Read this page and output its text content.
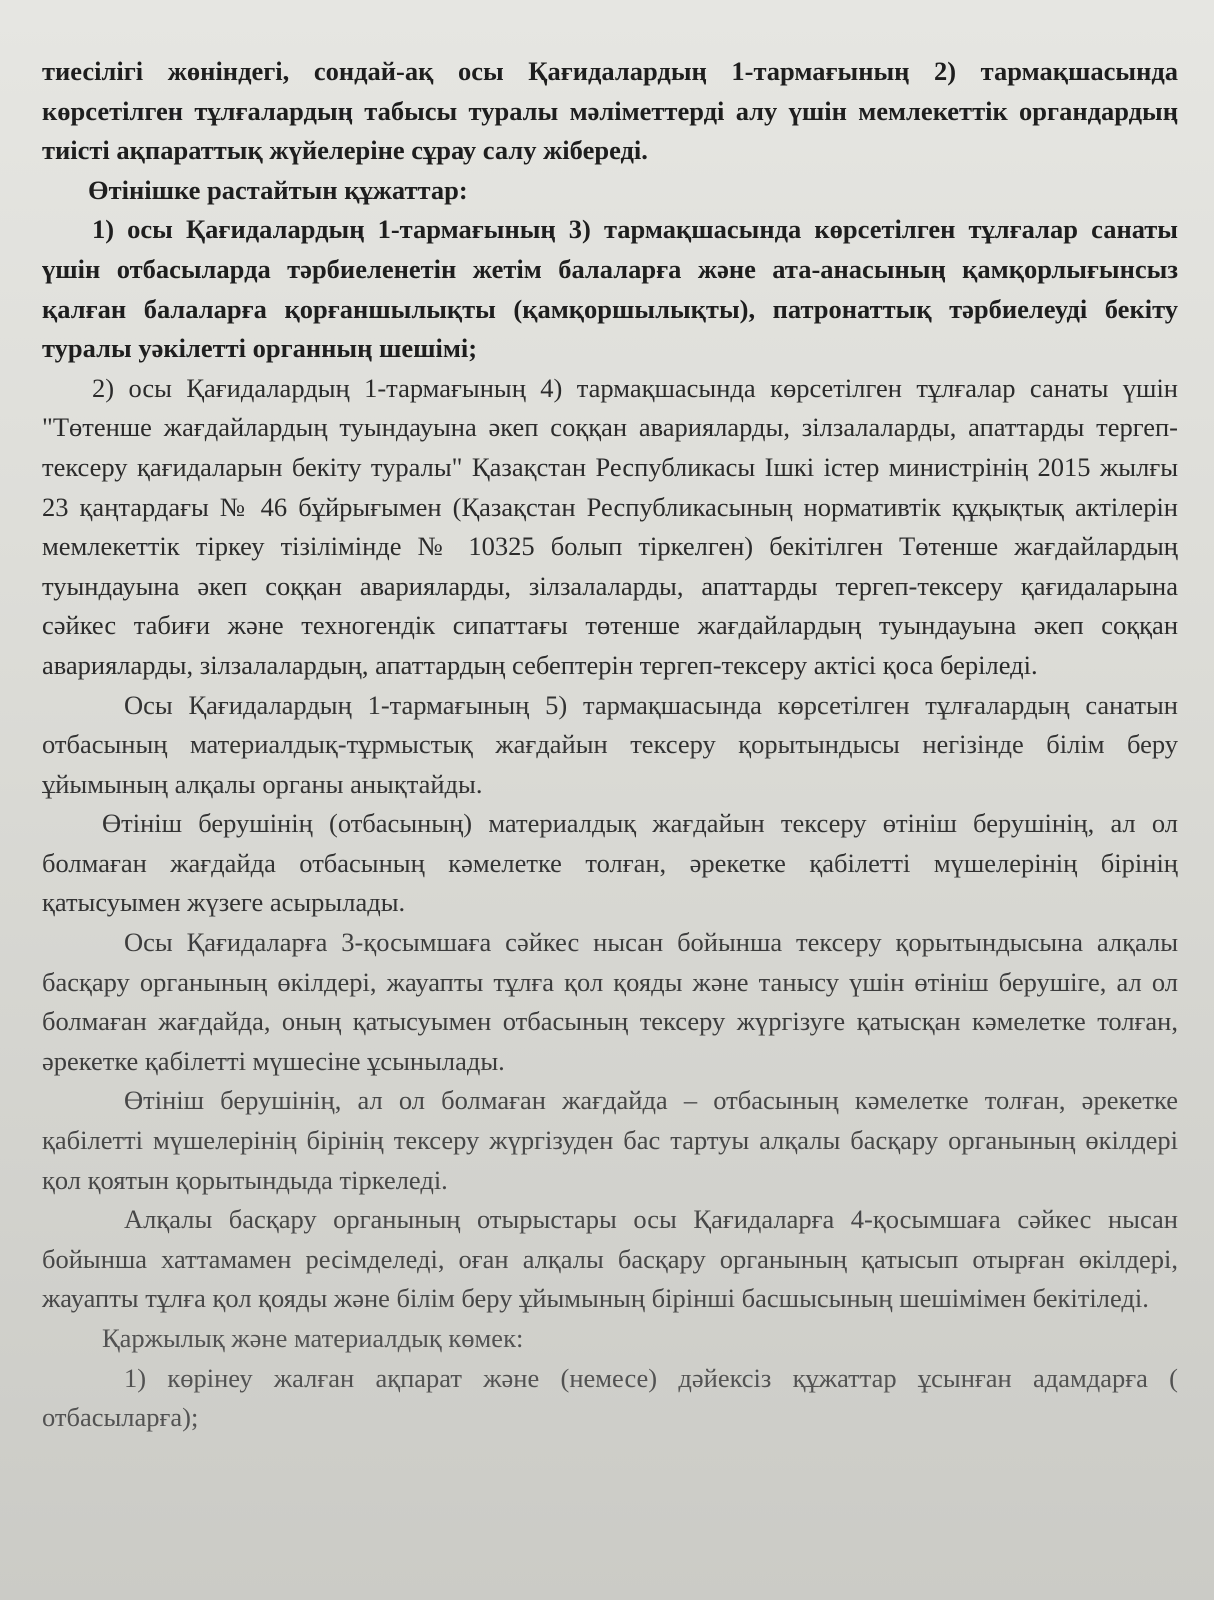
тиесілігі жөніндегі, сондай-ақ осы Қағидалардың 1-тармағының 2) тармақшасында көрсетілген тұлғалардың табысы туралы мәліметтерді алу үшін мемлекеттік органдардың тиісті ақпараттық жүйелеріне сұрау салу жібереді.

Өтінішке растайтын құжаттар:

1) осы Қағидалардың 1-тармағының 3) тармақшасында көрсетілген тұлғалар санаты үшін отбасыларда тәрбиеленетін жетім балаларға және ата-анасының қамқорлығынсыз қалған балаларға қорғаншылықты (қамқоршылықты), патронаттық тәрбиелеуді бекіту туралы уәкілетті органның шешімі;

2) осы Қағидалардың 1-тармағының 4) тармақшасында көрсетілген тұлғалар санаты үшін "Төтенше жағдайлардың туындауына әкеп соққан аварияларды, зілзалаларды, апаттарды тергеп-тексеру қағидаларын бекіту туралы" Қазақстан Республикасы Ішкі істер министрінің 2015 жылғы 23 қаңтардағы № 46 бұйрығымен (Қазақстан Республикасының нормативтік құқықтық актілерін мемлекеттік тіркеу тізілімінде № 10325 болып тіркелген) бекітілген Төтенше жағдайлардың туындауына әкеп соққан аварияларды, зілзалаларды, апаттарды тергеп-тексеру қағидаларына сәйкес табиғи және техногендік сипаттағы төтенше жағдайлардың туындауына әкеп соққан аварияларды, зілзалалардың, апаттардың себептерін тергеп-тексеру актісі қоса беріледі.

Осы Қағидалардың 1-тармағының 5) тармақшасында көрсетілген тұлғалардың санатын отбасының материалдық-тұрмыстық жағдайын тексеру қорытындысы негізінде білім беру ұйымының алқалы органы анықтайды.

Өтініш берушінің (отбасының) материалдық жағдайын тексеру өтініш берушінің, ал ол болмаған жағдайда отбасының кәмелетке толған, әрекетке қабілетті мүшелерінің бірінің қатысуымен жүзеге асырылады.

Осы Қағидаларға 3-қосымшаға сәйкес нысан бойынша тексеру қорытындысына алқалы басқару органының өкілдері, жауапты тұлға қол қояды және танысу үшін өтініш берушіге, ал ол болмаған жағдайда, оның қатысуымен отбасының тексеру жүргізуге қатысқан кәмелетке толған, әрекетке қабілетті мүшесіне ұсынылады.

Өтініш берушінің, ал ол болмаған жағдайда – отбасының кәмелетке толған, әрекетке қабілетті мүшелерінің бірінің тексеру жүргізуден бас тартуы алқалы басқару органының өкілдері қол қоятын қорытындыда тіркеледі.

Алқалы басқару органының отырыстары осы Қағидаларға 4-қосымшаға сәйкес нысан бойынша хаттамамен ресімделеді, оған алқалы басқару органының қатысып отырған өкілдері, жауапты тұлға қол қояды және білім беру ұйымының бірінші басшысының шешімімен бекітіледі.

Қаржылық және материалдық көмек:

1) көрінеу жалған ақпарат және (немесе) дәйексіз құжаттар ұсынған адамдарға ( отбасыларға);
